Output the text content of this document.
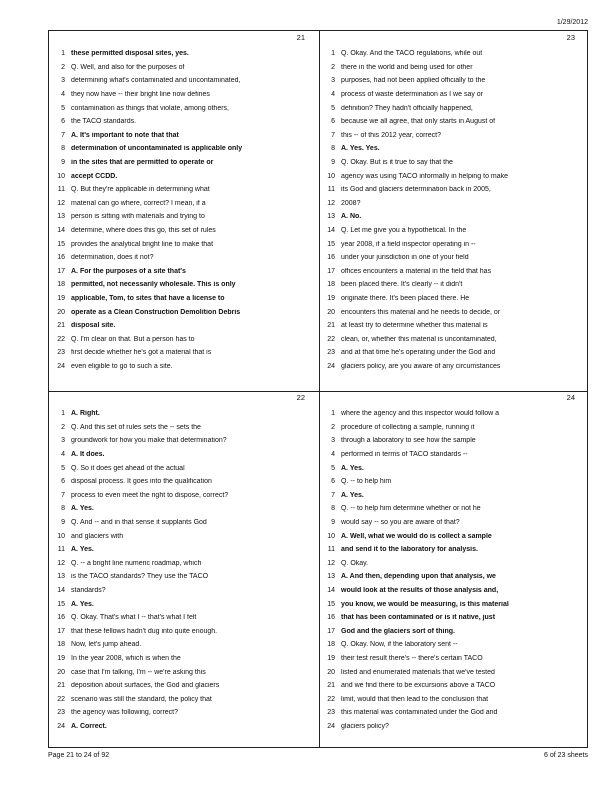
1/29/2012
21
1 these permitted disposal sites, yes.
2 Q. Well, and also for the purposes of
3 determining what's contaminated and uncontaminated,
4 they now have -- their bright line now defines
5 contamination as things that violate, among others,
6 the TACO standards.
7 A. It's important to note that that
8 determination of uncontaminated is applicable only
9 in the sites that are permitted to operate or
10 accept CCDD.
11 Q. But they're applicable in determining what
12 material can go where, correct? I mean, if a
13 person is sitting with materials and trying to
14 determine, where does this go, this set of rules
15 provides the analytical bright line to make that
16 determination, does it not?
17 A. For the purposes of a site that's
18 permitted, not necessarily wholesale. This is only
19 applicable, Tom, to sites that have a license to
20 operate as a Clean Construction Demolition Debris
21 disposal site.
22 Q. I'm clear on that. But a person has to
23 first decide whether he's got a material that is
24 even eligible to go to such a site.
23
1 Q. Okay. And the TACO regulations, while out
2 there in the world and being used for other
3 purposes, had not been applied officially to the
4 process of waste determination as I we say or
5 definition? They hadn't officially happened,
6 because we all agree, that only starts in August of
7 this -- of this 2012 year, correct?
8 A. Yes. Yes.
9 Q. Okay. But is it true to say that the
10 agency was using TACO informally in helping to make
11 its God and glaciers determination back in 2005,
12 2008?
13 A. No.
14 Q. Let me give you a hypothetical. In the
15 year 2008, if a field inspector operating in --
16 under your jurisdiction in one of your field
17 offices encounters a material in the field that has
18 been placed there. It's clearly -- it didn't
19 originate there. It's been placed there. He
20 encounters this material and he needs to decide, or
21 at least try to determine whether this material is
22 clean, or, whether this material is uncontaminated,
23 and at that time he's operating under the God and
24 glaciers policy, are you aware of any circumstances
22
1 A. Right.
2 Q. And this set of rules sets the -- sets the
3 groundwork for how you make that determination?
4 A. It does.
5 Q. So it does get ahead of the actual
6 disposal process. It goes into the qualification
7 process to even meet the right to dispose, correct?
8 A. Yes.
9 Q. And -- and in that sense it supplants God
10 and glaciers with
11 A. Yes.
12 Q. -- a bright line numeric roadmap, which
13 is the TACO standards? They use the TACO
14 standards?
15 A. Yes.
16 Q. Okay. That's what I -- that's what I felt
17 that these fellows hadn't dug into quite enough.
18 Now, let's jump ahead.
19 In the year 2008, which is when the
20 case that I'm talking, I'm -- we're asking this
21 deposition about surfaces, the God and glaciers
22 scenario was still the standard, the policy that
23 the agency was following, correct?
24 A. Correct.
24
1 where the agency and this inspector would follow a
2 procedure of collecting a sample, running it
3 through a laboratory to see how the sample
4 performed in terms of TACO standards --
5 A. Yes.
6 Q. -- to help him
7 A. Yes.
8 Q. -- to help him determine whether or not he
9 would say -- so you are aware of that?
10 A. Well, what we would do is collect a sample
11 and send it to the laboratory for analysis.
12 Q. Okay.
13 A. And then, depending upon that analysis, we
14 would look at the results of those analysis and,
15 you know, we would be measuring, is this material
16 that has been contaminated or is it native, just
17 God and the glaciers sort of thing.
18 Q. Okay. Now, if the laboratory sent --
19 their test result there's -- there's certain TACO
20 listed and enumerated materials that we've tested
21 and we find there to be excursions above a TACO
22 limit, would that then lead to the conclusion that
23 this material was contaminated under the God and
24 glaciers policy?
Page 21 to 24 of 92	6 of 23 sheets
